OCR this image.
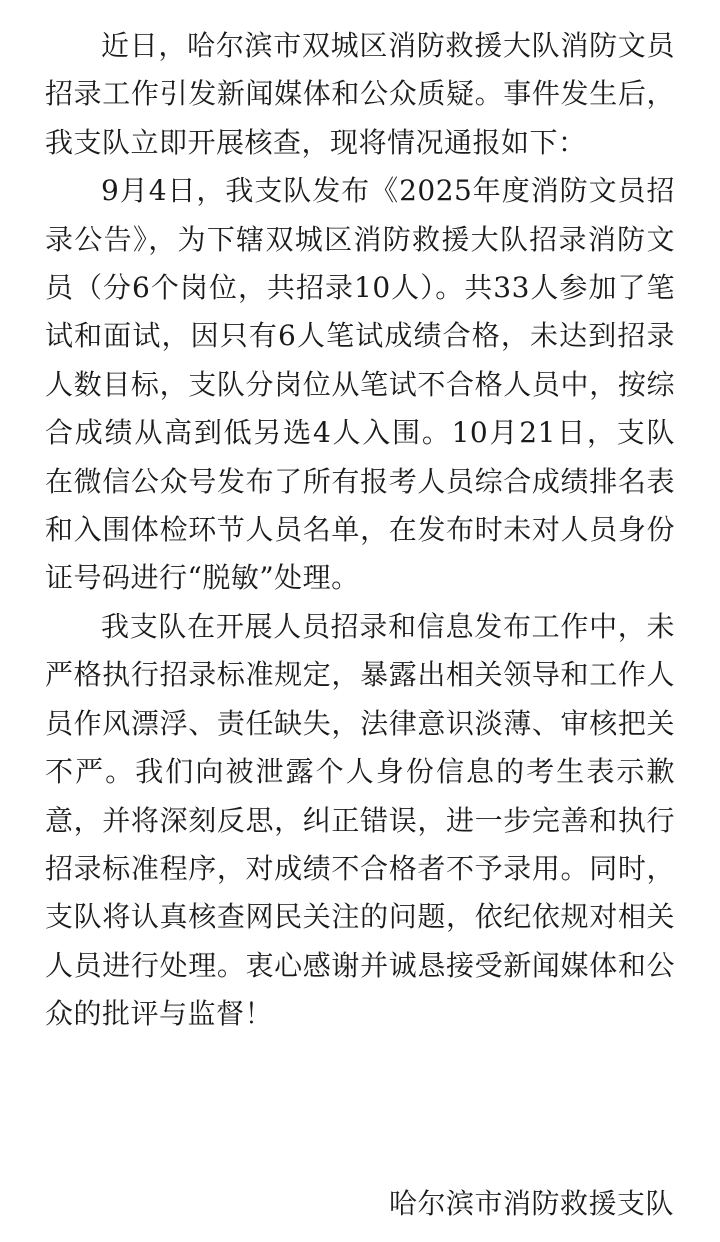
近日，哈尔滨市双城区消防救援大队消防文员招录工作引发新闻媒体和公众质疑。事件发生后，我支队立即开展核查，现将情况通报如下：

9月4日，我支队发布《2025年度消防文员招录公告》，为下辖双城区消防救援大队招录消防文员（分6个岗位，共招录10人）。共33人参加了笔试和面试，因只有6人笔试成绩合格，未达到招录人数目标，支队分岗位从笔试不合格人员中，按综合成绩从高到低另选4人入围。10月21日，支队在微信公众号发布了所有报考人员综合成绩排名表和入围体检环节人员名单，在发布时未对人员身份证号码进行“脱敏”处理。

我支队在开展人员招录和信息发布工作中，未严格执行招录标准规定，暴露出相关领导和工作人员作风漂浮、责任缺失，法律意识淡薄、审核把关不严。我们向被泄露个人身份信息的考生表示歉意，并将深刻反思，纠正错误，进一步完善和执行招录标准程序，对成绩不合格者不予录用。同时，支队将认真核查网民关注的问题，依纪依规对相关人员进行处理。衷心感谢并诚恳接受新闻媒体和公众的批评与监督！

哈尔滨市消防救援支队
